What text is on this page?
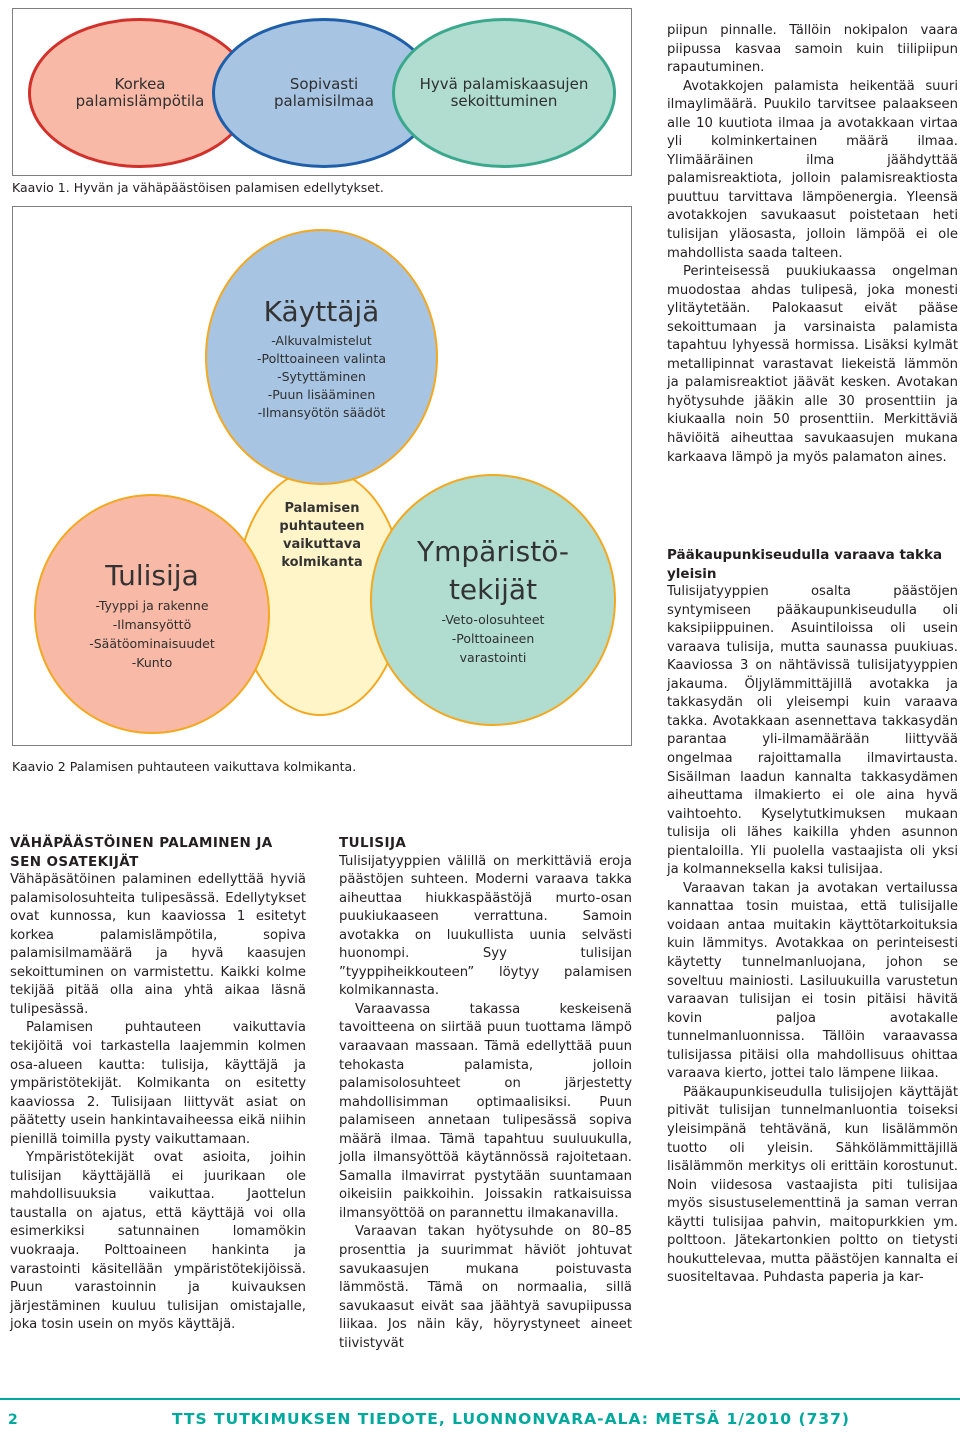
Korkea
palamislämpötila
Sopivasti
palamisilmaa
Hyvä palamiskaasujen
sekoittuminen
Kaavio 1. Hyvän ja vähäpäästöisen palamisen edellytykset.
Käyttäjä
-Alkuvalmistelut
-Polttoaineen valinta
-Sytyttäminen
-Puun lisääminen
-Ilmansyötön säädöt
Tulisija
-Tyyppi ja rakenne
-Ilmansyöttö
-Säätöominaisuudet
-Kunto
Ympäristö-
tekijät
-Veto-olosuhteet
-Polttoaineen
varastointi
Palamisen
puhtauteen
vaikuttava
kolmikanta
Kaavio 2 Palamisen puhtauteen vaikuttava kolmikanta.
VÄHÄPÄÄSTÖINEN PALAMINEN JA
SEN OSATEKIJÄT

Vähäpäsätöinen palaminen edellyttää hyviä palamisolosuhteita tulipesässä. Edellytykset ovat kunnossa, kun kaaviossa 1 esitetyt korkea palamislämpötila, sopiva palamisilmamäärä ja hyvä kaasujen sekoittuminen on varmistettu. Kaikki kolme tekijää pitää olla aina yhtä aikaa läsnä tulipesässä.

Palamisen puhtauteen vaikuttavia tekijöitä voi tarkastella laajemmin kolmen osa-alueen kautta: tulisija, käyttäjä ja ympäristötekijät. Kolmikanta on esitetty kaaviossa 2. Tulisijaan liittyvät asiat on päätetty usein hankintavaiheessa eikä niihin pienillä toimilla pysty vaikuttamaan.

Ympäristötekijät ovat asioita, joihin tulisijan käyttäjällä ei juurikaan ole mahdollisuuksia vaikuttaa. Jaottelun taustalla on ajatus, että käyttäjä voi olla esimerkiksi satunnainen lomamökin vuokraaja. Polttoaineen hankinta ja varastointi käsitellään ympäristötekijöissä. Puun varastoinnin ja kuivauksen järjestäminen kuuluu tulisijan omistajalle, joka tosin usein on myös käyttäjä.

TULISIJA

Tulisijatyyppien välillä on merkittäviä eroja päästöjen suhteen. Moderni varaava takka aiheuttaa hiukkaspäästöjä murto-osan puukiukaaseen verrattuna. Samoin avotakka on luukullista uunia selvästi huonompi. Syy tulisijan ”tyyppiheikkouteen” löytyy palamisen kolmikannasta.

Varaavassa takassa keskeisenä tavoitteena on siirtää puun tuottama lämpö varaavaan massaan. Tämä edellyttää puun tehokasta palamista, jolloin palamisolosuhteet on järjestetty mahdollisimman optimaalisiksi. Puun palamiseen annetaan tulipesässä sopiva määrä ilmaa. Tämä tapahtuu suuluukulla, jolla ilmansyöttöä käytännössä rajoitetaan. Samalla ilmavirrat pystytään suuntamaan oikeisiin paikkoihin. Joissakin ratkaisuissa ilmansyöttöä on parannettu ilmakanavilla.

Varaavan takan hyötysuhde on 80–85 prosenttia ja suurimmat häviöt johtuvat savukaasujen mukana poistuvasta lämmöstä. Tämä on normaalia, sillä savukaasut eivät saa jäähtyä savupiipussa liikaa. Jos näin käy, höyrystyneet aineet tiivistyvät

piipun pinnalle. Tällöin nokipalon vaara piipussa kasvaa samoin kuin tiilipiipun rapautuminen.

Avotakkojen palamista heikentää suuri ilmaylimäärä. Puukilo tarvitsee palaakseen alle 10 kuutiota ilmaa ja avotakkaan virtaa yli kolminkertainen määrä ilmaa. Ylimääräinen ilma jäähdyttää palamisreaktiota, jolloin palamisreaktiosta puuttuu tarvittava lämpöenergia. Yleensä avotakkojen savukaasut poistetaan heti tulisijan yläosasta, jolloin lämpöä ei ole mahdollista saada talteen.

Perinteisessä puukiukaassa ongelman muodostaa ahdas tulipesä, joka monesti ylitäytetään. Palokaasut eivät pääse sekoittumaan ja varsinaista palamista tapahtuu lyhyessä hormissa. Lisäksi kylmät metallipinnat varastavat liekeistä lämmön ja palamisreaktiot jäävät kesken. Avotakan hyötysuhde jääkin alle 30 prosenttiin ja kiukaalla noin 50 prosenttiin. Merkittäviä häviöitä aiheuttaa savukaasujen mukana karkaava lämpö ja myös palamaton aines.

Pääkaupunkiseudulla varaava takka
yleisin

Tulisijatyyppien osalta päästöjen syntymiseen pääkaupunkiseudulla oli kaksipiippuinen. Asuintiloissa oli usein varaava tulisija, mutta saunassa puukiuas. Kaaviossa 3 on nähtävissä tulisijatyyppien jakauma. Öljylämmittäjillä avotakka ja takkasydän oli yleisempi kuin varaava takka. Avotakkaan asennettava takkasydän parantaa yli-ilmamäärään liittyvää ongelmaa rajoittamalla ilmavirtausta. Sisäilman laadun kannalta takkasydämen aiheuttama ilmakierto ei ole aina hyvä vaihtoehto. Kyselytutkimuksen mukaan tulisija oli lähes kaikilla yhden asunnon pientaloilla. Yli puolella vastaajista oli yksi ja kolmanneksella kaksi tulisijaa.

Varaavan takan ja avotakan vertailussa kannattaa tosin muistaa, että tulisijalle voidaan antaa muitakin käyttötarkoituksia kuin lämmitys. Avotakkaa on perinteisesti käytetty tunnelmanluojana, johon se soveltuu mainiosti. Lasiluukuilla varustetun varaavan tulisijan ei tosin pitäisi hävitä kovin paljoa avotakalle tunnelmanluonnissa. Tällöin varaavassa tulisijassa pitäisi olla mahdollisuus ohittaa varaava kierto, jottei talo lämpene liikaa.

Pääkaupunkiseudulla tulisijojen käyttäjät pitivät tulisijan tunnelmanluontia toiseksi yleisimpänä tehtävänä, kun lisälämmön tuotto oli yleisin. Sähkölämmittäjillä lisälämmön merkitys oli erittäin korostunut. Noin viidesosa vastaajista piti tulisijaa myös sisustuselementtinä ja saman verran käytti tulisijaa pahvin, maitopurkkien ym. polttoon. Jätekartonkien poltto on tietysti houkuttelevaa, mutta päästöjen kannalta ei suositeltavaa. Puhdasta paperia ja kar-

2	TTS TUTKIMUKSEN TIEDOTE, LUONNONVARA-ALA: METSÄ 1/2010 (737)
